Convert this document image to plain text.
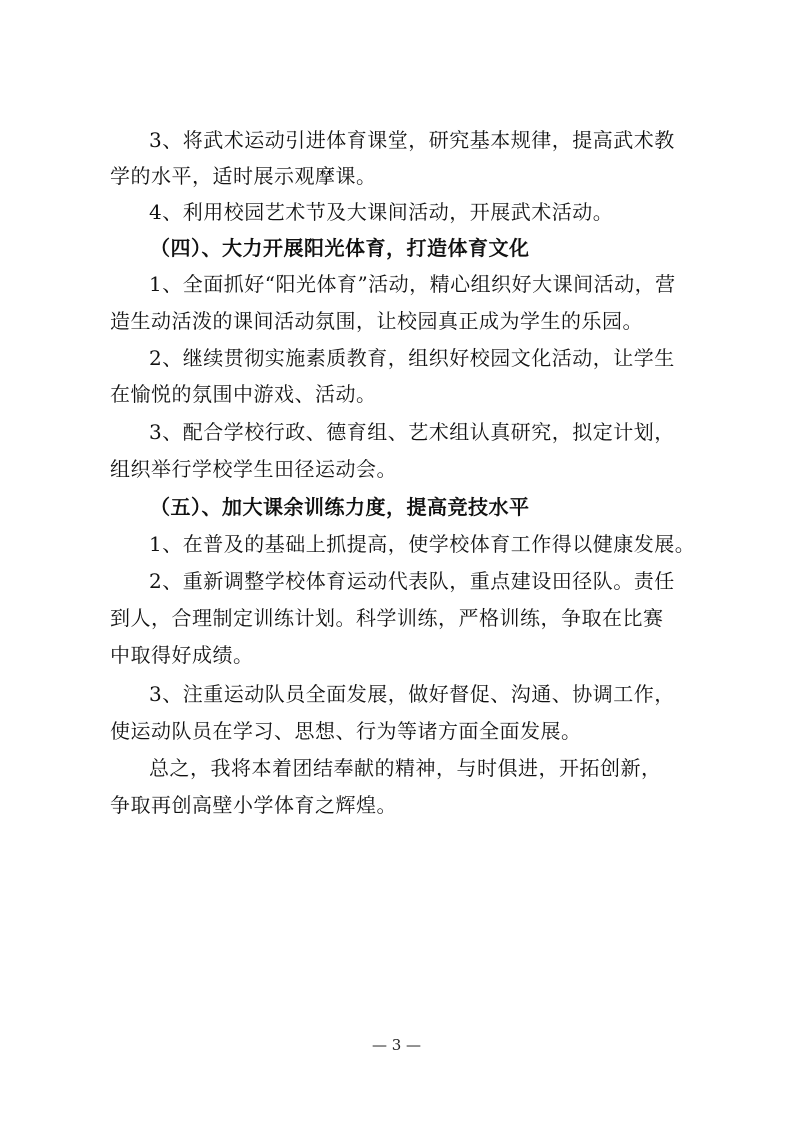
3、将武术运动引进体育课堂，研究基本规律，提高武术教
学的水平，适时展示观摩课。
4、利用校园艺术节及大课间活动，开展武术活动。
（四）、大力开展阳光体育，打造体育文化
1、全面抓好“阳光体育”活动，精心组织好大课间活动，营
造生动活泼的课间活动氛围，让校园真正成为学生的乐园。
2、继续贯彻实施素质教育，组织好校园文化活动，让学生
在愉悦的氛围中游戏、活动。
3、配合学校行政、德育组、艺术组认真研究，拟定计划，
组织举行学校学生田径运动会。
（五）、加大课余训练力度，提高竞技水平
1、在普及的基础上抓提高，使学校体育工作得以健康发展。
2、重新调整学校体育运动代表队，重点建设田径队。责任
到人，合理制定训练计划。科学训练，严格训练，争取在比赛
中取得好成绩。
3、注重运动队员全面发展，做好督促、沟通、协调工作，
使运动队员在学习、思想、行为等诸方面全面发展。
总之，我将本着团结奉献的精神，与时俱进，开拓创新，
争取再创高壁小学体育之辉煌。
— 3 —
